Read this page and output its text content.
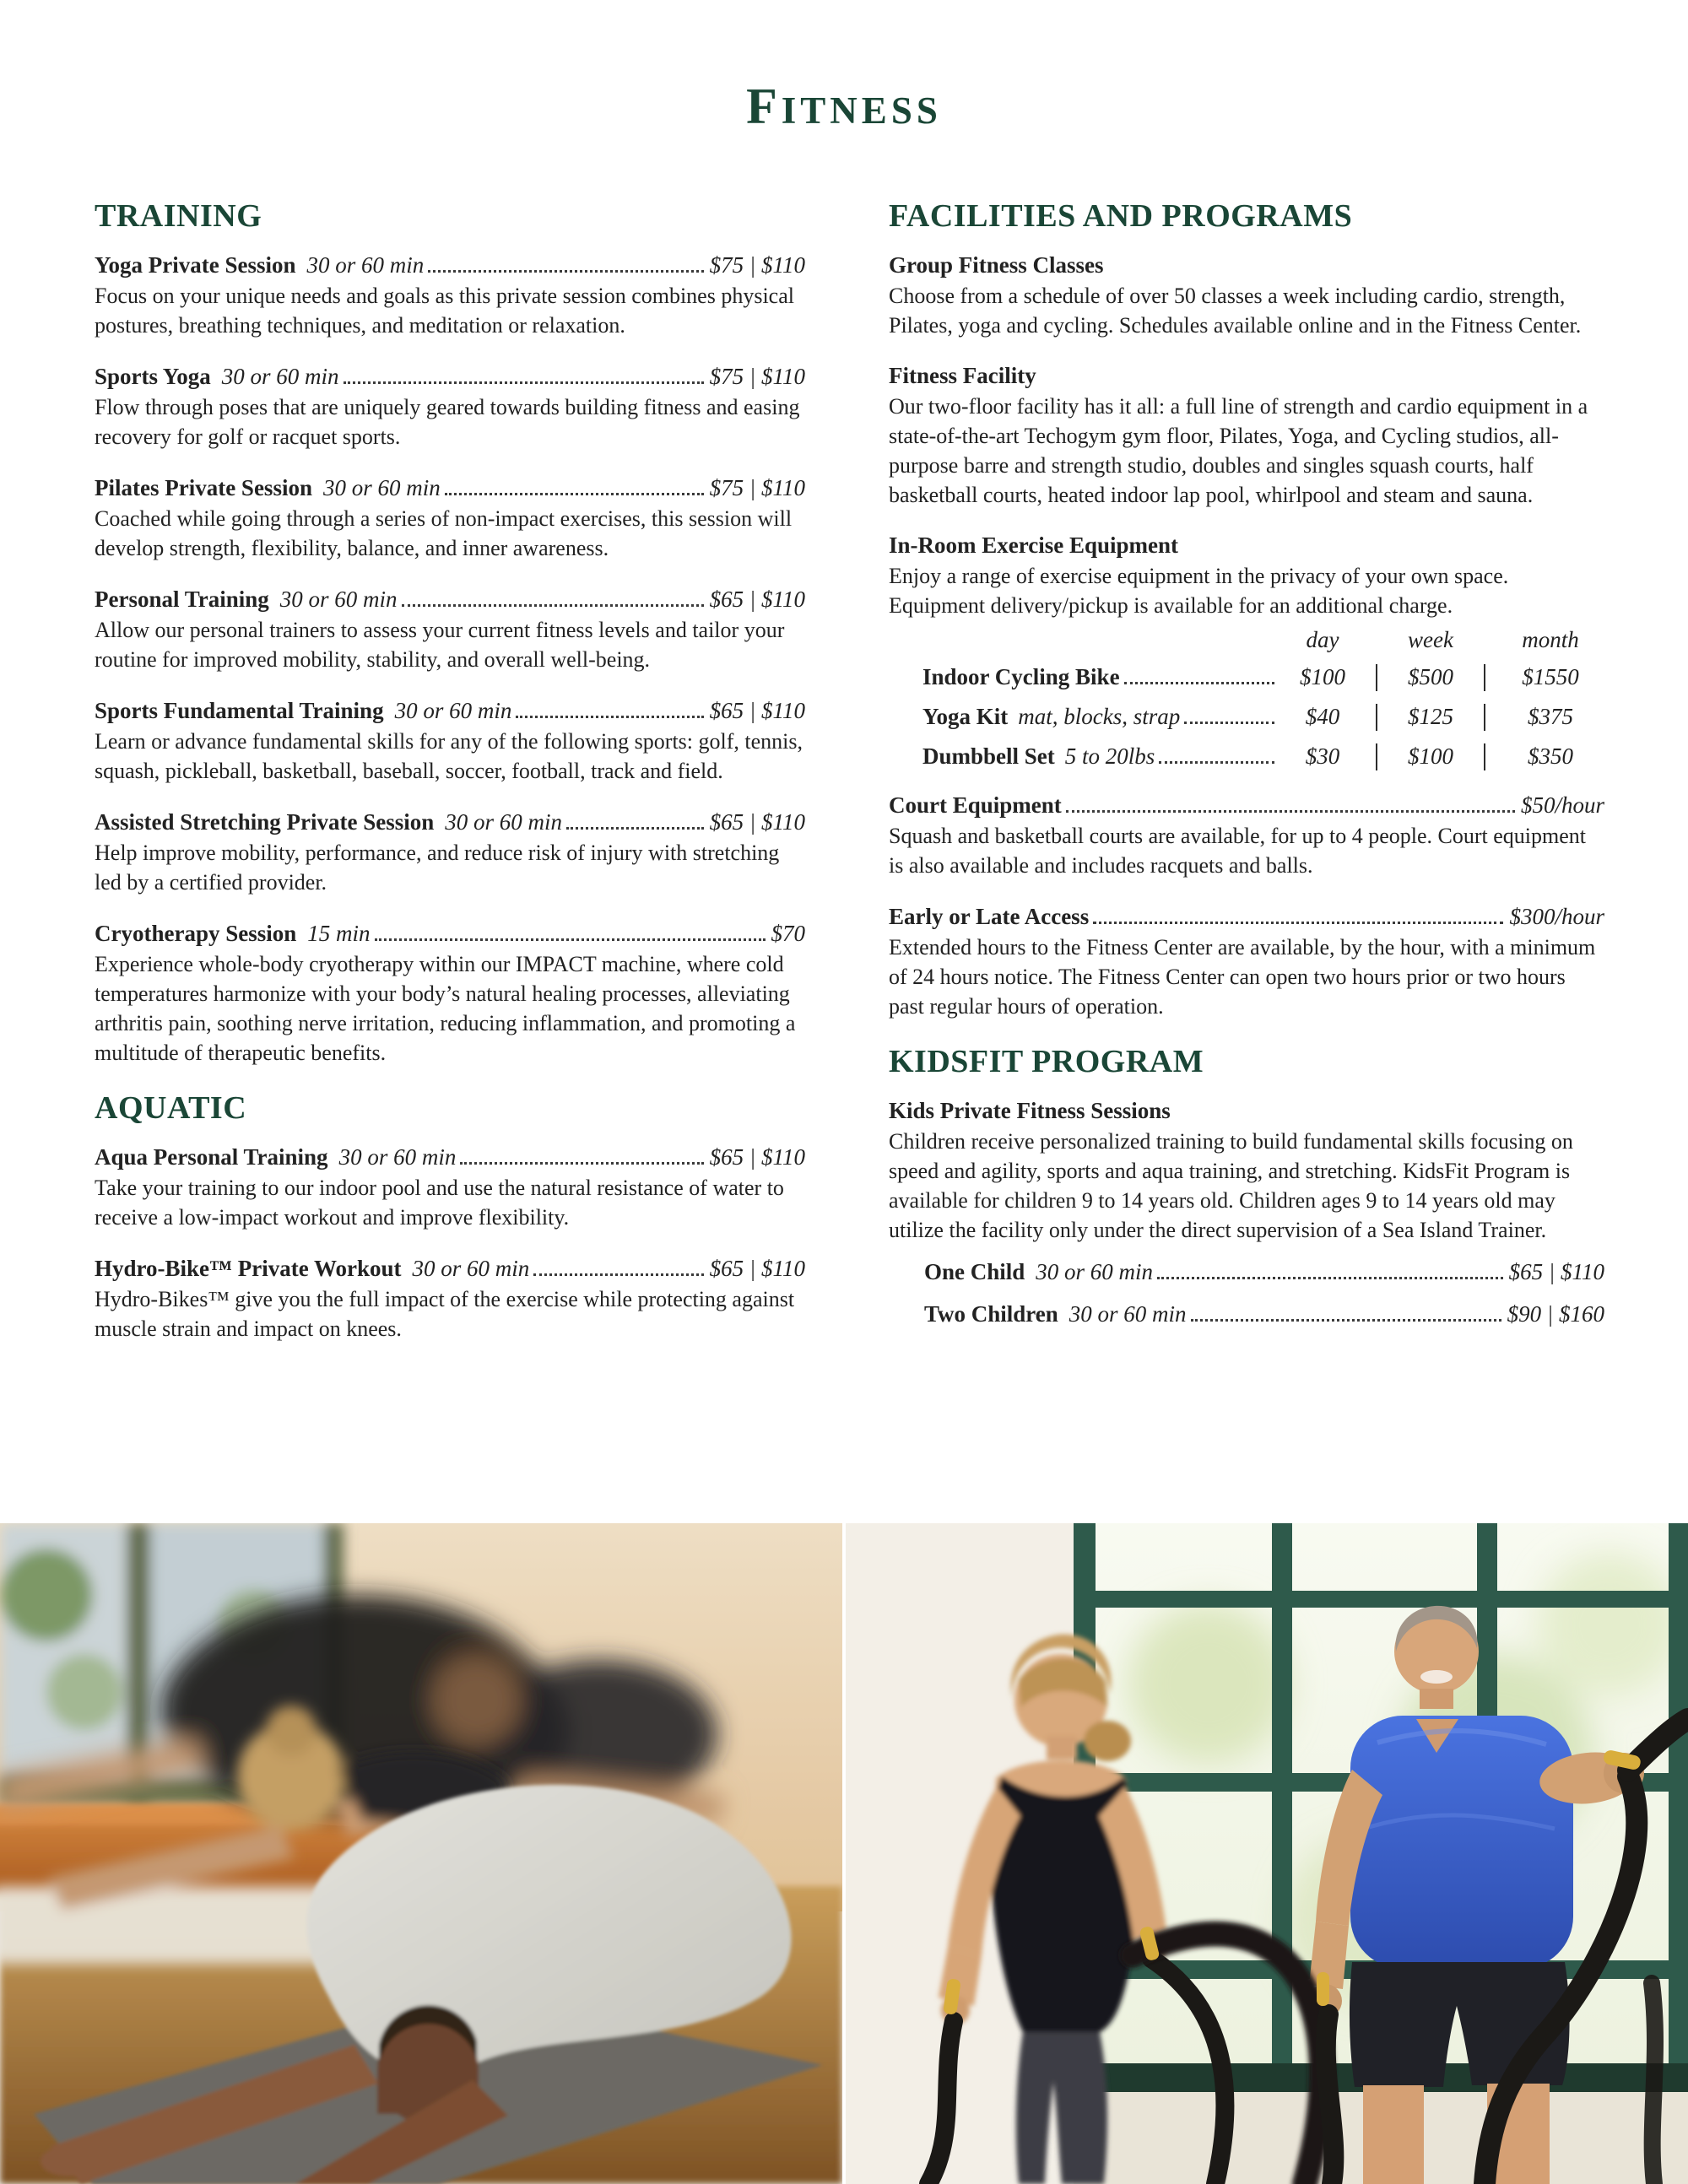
FITNESS
TRAINING
Yoga Private Session 30 or 60 min	$75 | $110

Focus on your unique needs and goals as this private session combines physical postures, breathing techniques, and meditation or relaxation.

Sports Yoga 30 or 60 min	$75 | $110

Flow through poses that are uniquely geared towards building fitness and easing recovery for golf or racquet sports.

Pilates Private Session 30 or 60 min	$75 | $110

Coached while going through a series of non-impact exercises, this session will develop strength, flexibility, balance, and inner awareness.

Personal Training 30 or 60 min	$65 | $110

Allow our personal trainers to assess your current fitness levels and tailor your routine for improved mobility, stability, and overall well-being.

Sports Fundamental Training 30 or 60 min	$65 | $110

Learn or advance fundamental skills for any of the following sports: golf, tennis, squash, pickleball, basketball, baseball, soccer, football, track and field.

Assisted Stretching Private Session 30 or 60 min	$65 | $110

Help improve mobility, performance, and reduce risk of injury with stretching led by a certified provider.

Cryotherapy Session 15 min	$70

Experience whole-body cryotherapy within our IMPACT machine, where cold temperatures harmonize with your body’s natural healing processes, alleviating arthritis pain, soothing nerve irritation, reducing inflammation, and promoting a multitude of therapeutic benefits.

AQUATIC
Aqua Personal Training 30 or 60 min	$65 | $110

Take your training to our indoor pool and use the natural resistance of water to receive a low-impact workout and improve flexibility.

Hydro-Bike™ Private Workout 30 or 60 min	$65 | $110

Hydro-Bikes™ give you the full impact of the exercise while protecting against muscle strain and impact on knees.

FACILITIES AND PROGRAMS
Group Fitness Classes

Choose from a schedule of over 50 classes a week including cardio, strength, Pilates, yoga and cycling. Schedules available online and in the Fitness Center.

Fitness Facility

Our two-floor facility has it all: a full line of strength and cardio equipment in a state-of-the-art Techogym gym floor, Pilates, Yoga, and Cycling studios, all-purpose barre and strength studio, doubles and singles squash courts, half basketball courts, heated indoor lap pool, whirlpool and steam and sauna.

In-Room Exercise Equipment

Enjoy a range of exercise equipment in the privacy of your own space. Equipment delivery/pickup is available for an additional charge.

day	week	month
Indoor Cycling Bike	$100	$500	$1550
Yoga Kit mat, blocks, strap	$40	$125	$375
Dumbbell Set 5 to 20lbs	$30	$100	$350
Court Equipment	$50/hour

Squash and basketball courts are available, for up to 4 people. Court equipment is also available and includes racquets and balls.

Early or Late Access	$300/hour

Extended hours to the Fitness Center are available, by the hour, with a minimum of 24 hours notice. The Fitness Center can open two hours prior or two hours past regular hours of operation.

KIDSFIT PROGRAM
Kids Private Fitness Sessions

Children receive personalized training to build fundamental skills focusing on speed and agility, sports and aqua training, and stretching. KidsFit Program is available for children 9 to 14 years old. Children ages 9 to 14 years old may utilize the facility only under the direct supervision of a Sea Island Trainer.

One Child 30 or 60 min	$65 | $110
Two Children 30 or 60 min	$90 | $160
